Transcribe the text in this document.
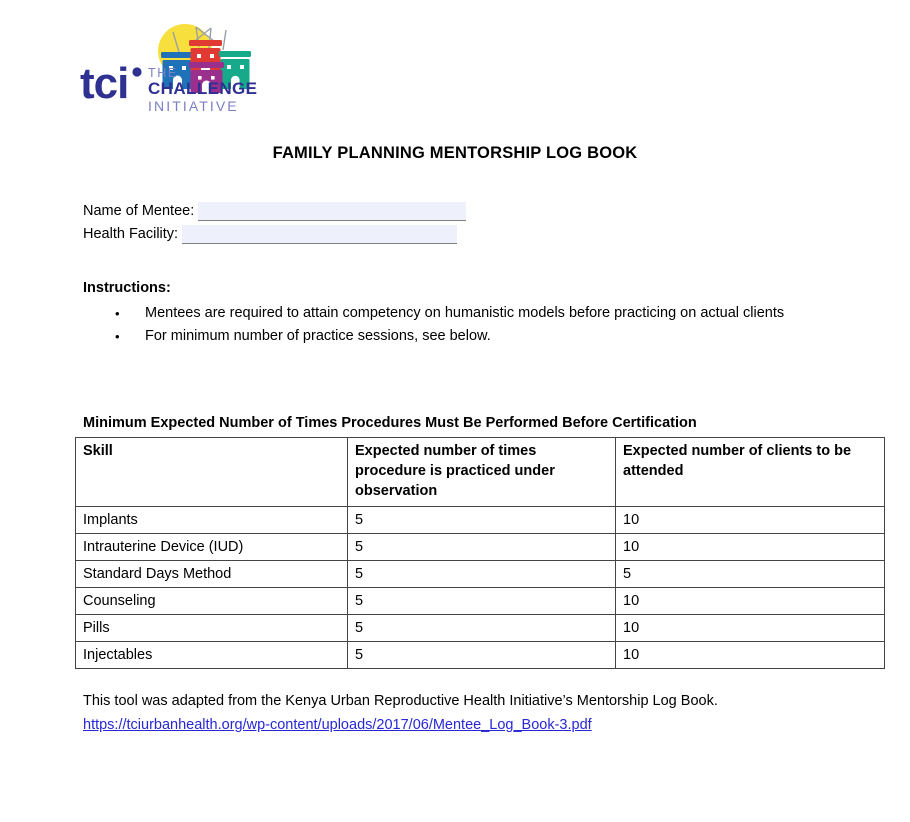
tci THE
CHALLENGE
INITIATIVE
FAMILY PLANNING MENTORSHIP LOG BOOK
Name of Mentee:
Health Facility:
Instructions:
•	Mentees are required to attain competency on humanistic models before practicing on actual clients
•	For minimum number of practice sessions, see below.
Minimum Expected Number of Times Procedures Must Be Performed Before Certification
Skill	Expected number of times procedure is practiced under observation	Expected number of clients to be attended
Implants	5	10
Intrauterine Device (IUD)	5	10
Standard Days Method	5	5
Counseling	5	10
Pills	5	10
Injectables	5	10
This tool was adapted from the Kenya Urban Reproductive Health Initiative’s Mentorship Log Book.
https://tciurbanhealth.org/wp-content/uploads/2017/06/Mentee_Log_Book-3.pdf
